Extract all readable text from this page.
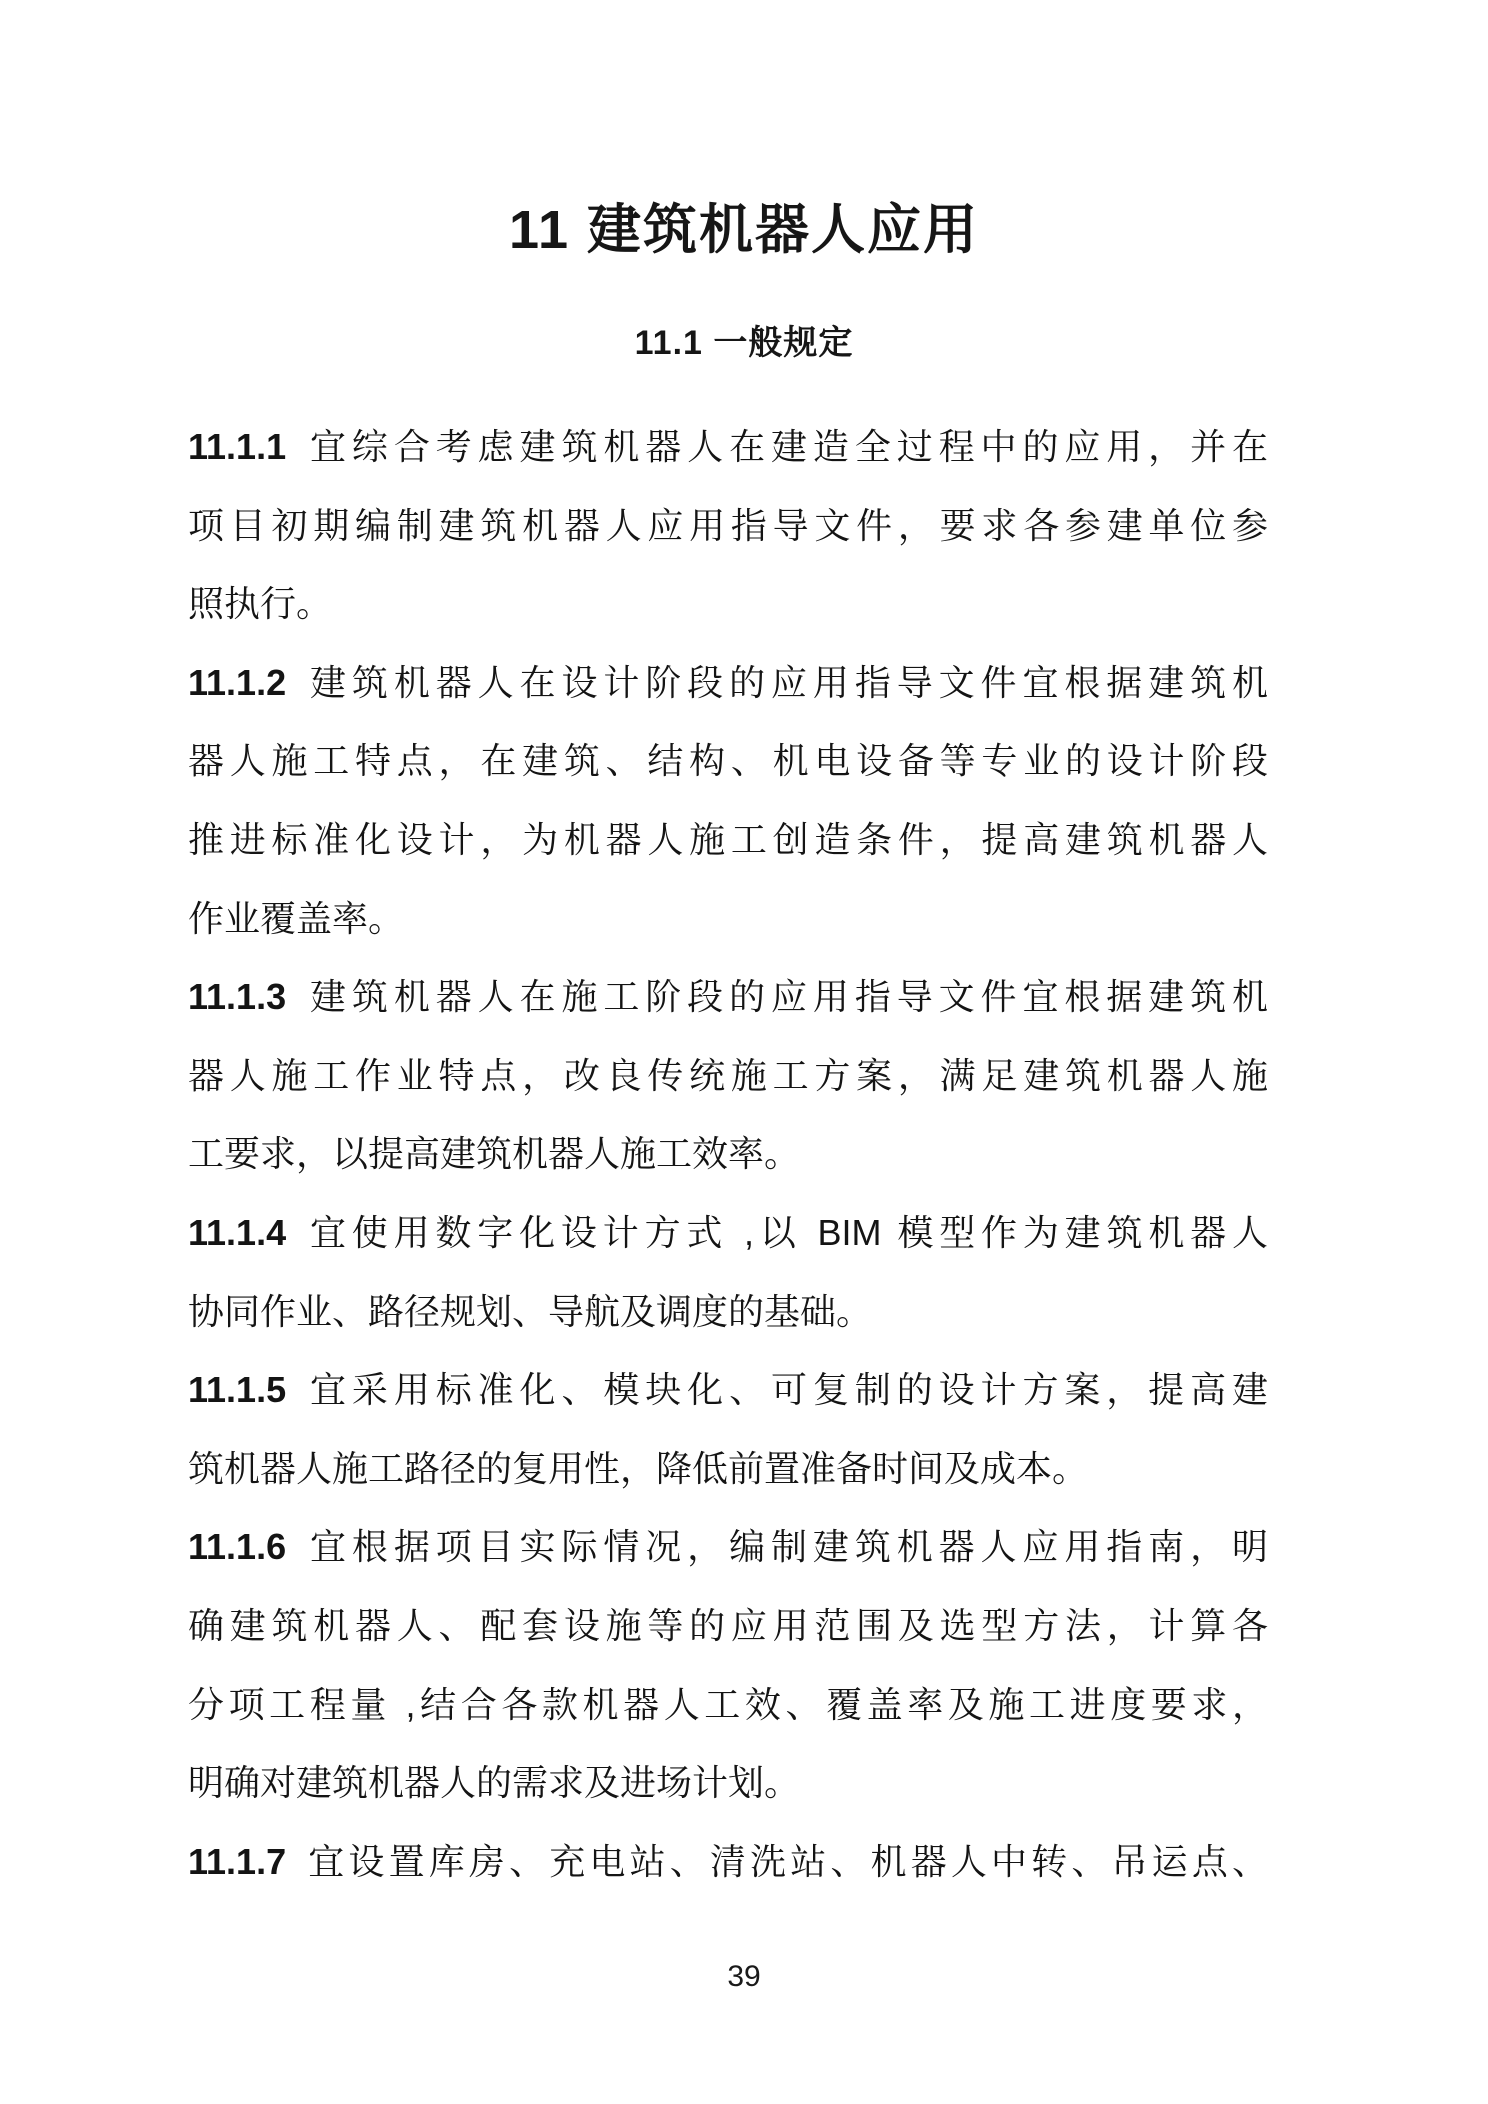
11 建筑机器人应用
11.1 一般规定
11.1.1 宜综合考虑建筑机器人在建造全过程中的应用，并在
项目初期编制建筑机器人应用指导文件，要求各参建单位参
照执行。
11.1.2 建筑机器人在设计阶段的应用指导文件宜根据建筑机
器人施工特点，在建筑、结构、机电设备等专业的设计阶段
推进标准化设计，为机器人施工创造条件，提高建筑机器人
作业覆盖率。
11.1.3 建筑机器人在施工阶段的应用指导文件宜根据建筑机
器人施工作业特点，改良传统施工方案，满足建筑机器人施
工要求，以提高建筑机器人施工效率。
11.1.4 宜使用数字化设计方式 ,以 BIM 模型作为建筑机器人
协同作业、路径规划、导航及调度的基础。
11.1.5 宜采用标准化、模块化、可复制的设计方案，提高建
筑机器人施工路径的复用性，降低前置准备时间及成本。
11.1.6 宜根据项目实际情况，编制建筑机器人应用指南，明
确建筑机器人、配套设施等的应用范围及选型方法，计算各
分项工程量 ,结合各款机器人工效、覆盖率及施工进度要求，
明确对建筑机器人的需求及进场计划。
11.1.7 宜设置库房、充电站、清洗站、机器人中转、吊运点、
39
